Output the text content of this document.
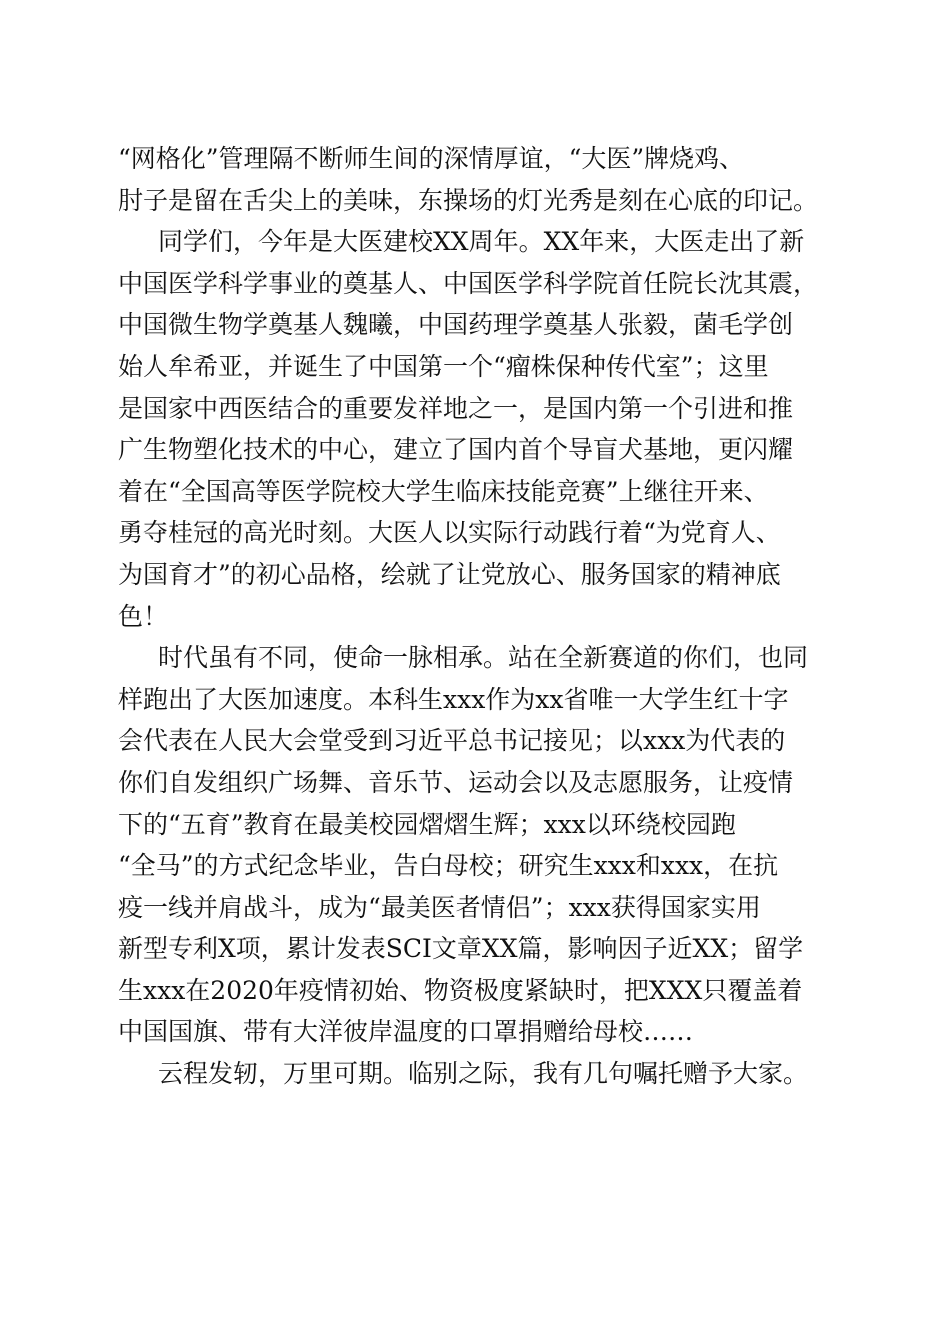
“网格化”管理隔不断师生间的深情厚谊，“大医”牌烧鸡、
肘子是留在舌尖上的美味，东操场的灯光秀是刻在心底的印记。
同学们，今年是大医建校XX周年。XX年来，大医走出了新
中国医学科学事业的奠基人、中国医学科学院首任院长沈其震，
中国微生物学奠基人魏曦，中国药理学奠基人张毅，菌毛学创
始人牟希亚，并诞生了中国第一个“瘤株保种传代室”；这里
是国家中西医结合的重要发祥地之一，是国内第一个引进和推
广生物塑化技术的中心，建立了国内首个导盲犬基地，更闪耀
着在“全国高等医学院校大学生临床技能竞赛”上继往开来、
勇夺桂冠的高光时刻。大医人以实际行动践行着“为党育人、
为国育才”的初心品格，绘就了让党放心、服务国家的精神底
色！
时代虽有不同，使命一脉相承。站在全新赛道的你们，也同
样跑出了大医加速度。本科生xxx作为xx省唯一大学生红十字
会代表在人民大会堂受到习近平总书记接见；以xxx为代表的
你们自发组织广场舞、音乐节、运动会以及志愿服务，让疫情
下的“五育”教育在最美校园熠熠生辉；xxx以环绕校园跑
“全马”的方式纪念毕业，告白母校；研究生xxx和xxx，在抗
疫一线并肩战斗，成为“最美医者情侣”；xxx获得国家实用
新型专利X项，累计发表SCI文章XX篇，影响因子近XX；留学
生xxx在2020年疫情初始、物资极度紧缺时，把XXX只覆盖着
中国国旗、带有大洋彼岸温度的口罩捐赠给母校……
云程发轫，万里可期。临别之际，我有几句嘱托赠予大家。
